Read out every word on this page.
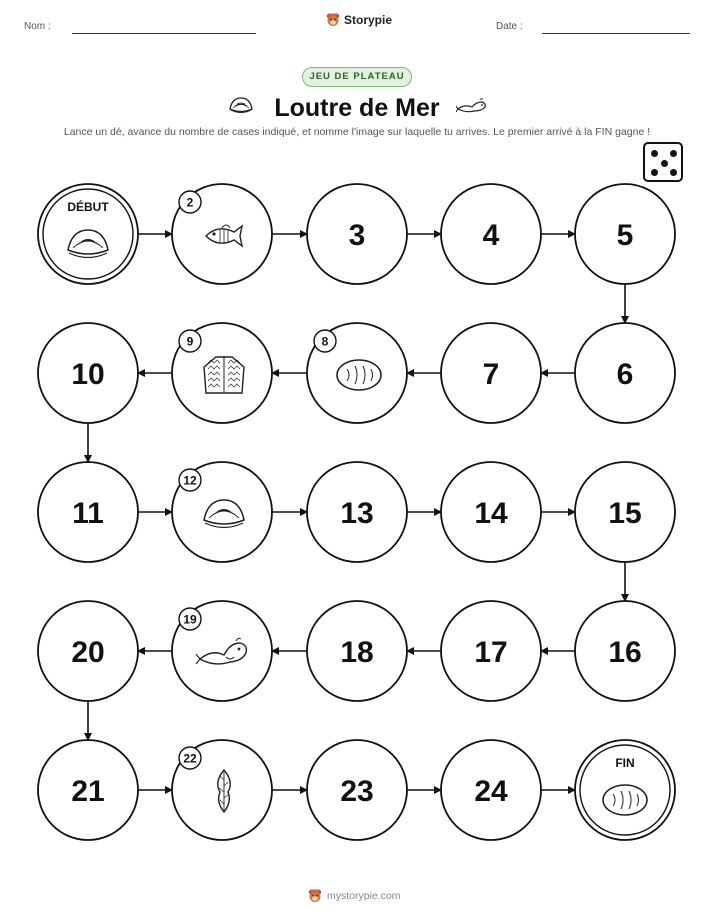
Nom :	Storypie	Date :
JEU DE PLATEAU
Loutre de Mer
Lance un dé, avance du nombre de cases indiqué, et nomme l'image sur laquelle tu arrives. Le premier arrivé à la FIN gagne !
DÉBUT	2
3	4	5
6
7
8
9
10
11
12
13	14	15
16
17
18
19
20
21
22
23	24
FIN
mystorypie.com
